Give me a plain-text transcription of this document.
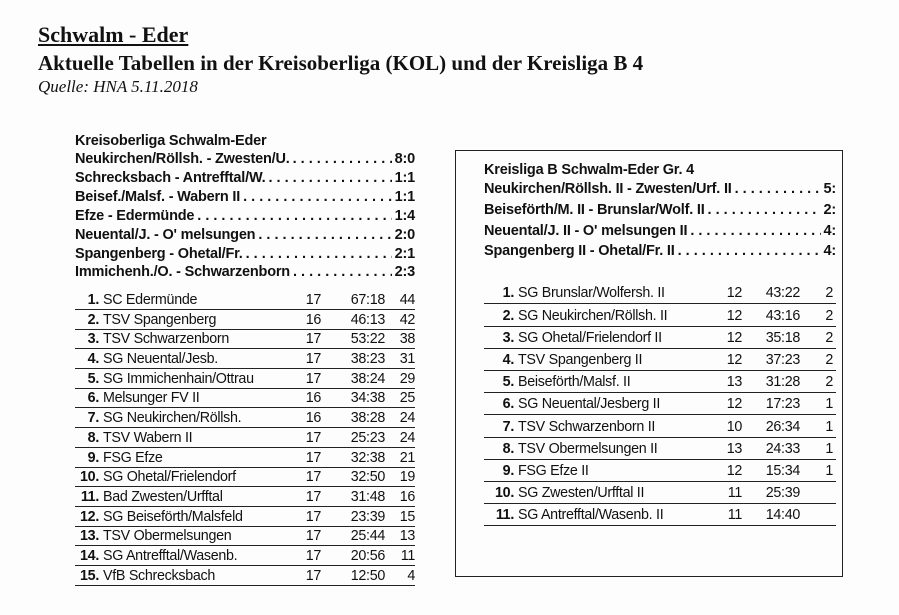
Schwalm - Eder
Aktuelle Tabellen in der Kreisoberliga (KOL) und der Kreisliga B 4
Quelle: HNA 5.11.2018
Kreisoberliga Schwalm-Eder
Neukirchen/Röllsh. - Zwesten/U. . . .	8:0
Schrecksbach - Antrefftal/W. . . .	1:1
Beisef./Malsf. - Wabern II . . .	1:1
Efze - Edermünde . . .	1:4
Neuental/J. - O' melsungen . . .	2:0
Spangenberg - Ohetal/Fr. . . .	2:1
Immichenh./O. - Schwarzenborn . . .	2:3
1. SC Edermünde	17	67:18	44
2. TSV Spangenberg	16	46:13	42
3. TSV Schwarzenborn	17	53:22	38
4. SG Neuental/Jesb.	17	38:23	31
5. SG Immichenhain/Ottrau	17	38:24	29
6. Melsunger FV II	16	34:38	25
7. SG Neukirchen/Röllsh.	16	38:28	24
8. TSV Wabern II	17	25:23	24
9. FSG Efze	17	32:38	21
10. SG Ohetal/Frielendorf	17	32:50	19
11. Bad Zwesten/Urfftal	17	31:48	16
12. SG Beiseförth/Malsfeld	17	23:39	15
13. TSV Obermelsungen	17	25:44	13
14. SG Antrefftal/Wasenb.	17	20:56	11
15. VfB Schrecksbach	17	12:50	4
Kreisliga B Schwalm-Eder Gr. 4
Neukirchen/Röllsh. II - Zwesten/Urf. II . . .	5:
Beiseförth/M. II - Brunslar/Wolf. II . . .	2:
Neuental/J. II - O' melsungen II . . .	4:
Spangenberg II - Ohetal/Fr. II . . .	4:
1. SG Brunslar/Wolfersh. II	12	43:22	2
2. SG Neukirchen/Röllsh. II	12	43:16	2
3. SG Ohetal/Frielendorf II	12	35:18	2
4. TSV Spangenberg II	12	37:23	2
5. Beiseförth/Malsf. II	13	31:28	2
6. SG Neuental/Jesberg II	12	17:23	1
7. TSV Schwarzenborn II	10	26:34	1
8. TSV Obermelsungen II	13	24:33	1
9. FSG Efze II	12	15:34	1
10. SG Zwesten/Urfftal II	11	25:39
11. SG Antrefftal/Wasenb. II	11	14:40
